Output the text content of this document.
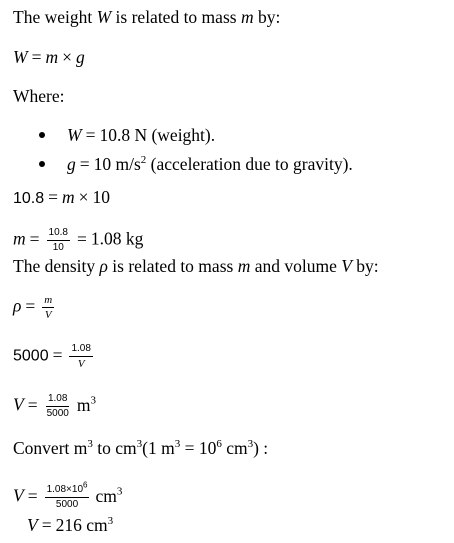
The weight W is related to mass m by:
W = m × g
Where:
W = 10.8 N (weight).
g = 10 $m/s^2$ (acceleration due to gravity).
10.8 = m × 10
$m = \frac{10.8}{10} = 1.08$ kg
The density ρ is related to mass m and volume V by:
$\rho = \frac{m}{V}$
$5000 = \frac{1.08}{V}$
$V = \frac{1.08}{5000} m^3$
Convert $m^3$ to $cm^3(1$ $m^3 = 10^6$ $cm^3$) :
$V = \frac{1.08\times 10^6}{5000} cm^3$
V = 216 $cm^3$
